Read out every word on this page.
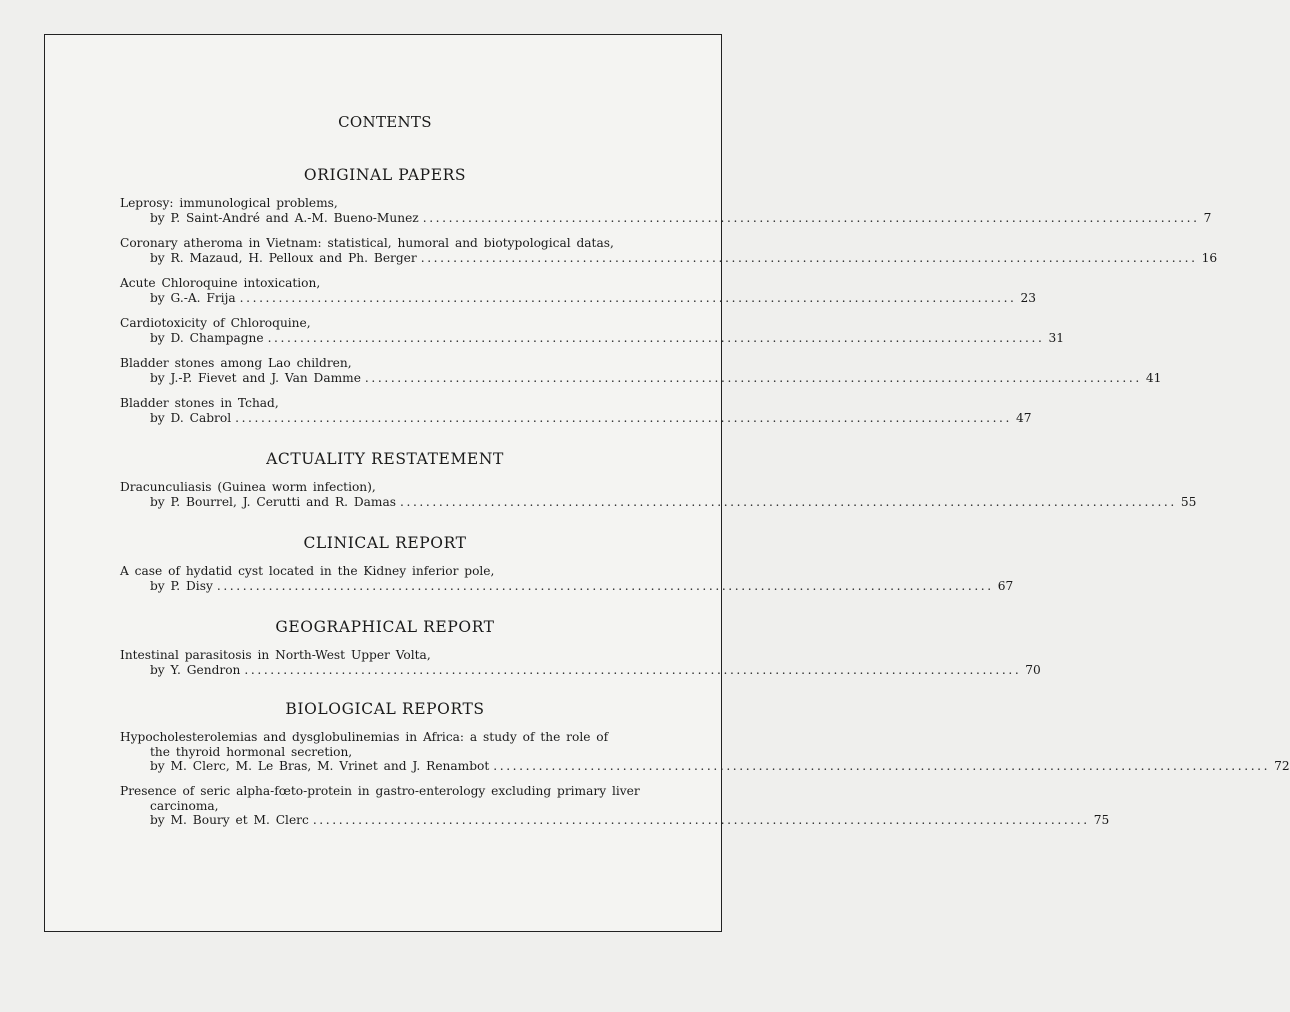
CONTENTS
ORIGINAL PAPERS
Leprosy: immunological problems,
by P. Saint-André and A.-M. Bueno-Munez ........................................................................................................................ 7
Coronary atheroma in Vietnam: statistical, humoral and biotypological datas,
by R. Mazaud, H. Pelloux and Ph. Berger ........................................................................................................................ 16
Acute Chloroquine intoxication,
by G.-A. Frija ........................................................................................................................ 23
Cardiotoxicity of Chloroquine,
by D. Champagne ........................................................................................................................ 31
Bladder stones among Lao children,
by J.-P. Fievet and J. Van Damme ........................................................................................................................ 41
Bladder stones in Tchad,
by D. Cabrol ........................................................................................................................ 47
ACTUALITY RESTATEMENT
Dracunculiasis (Guinea worm infection),
by P. Bourrel, J. Cerutti and R. Damas ........................................................................................................................ 55
CLINICAL REPORT
A case of hydatid cyst located in the Kidney inferior pole,
by P. Disy ........................................................................................................................ 67
GEOGRAPHICAL REPORT
Intestinal parasitosis in North-West Upper Volta,
by Y. Gendron ........................................................................................................................ 70
BIOLOGICAL REPORTS
Hypocholesterolemias and dysglobulinemias in Africa: a study of the role of
the thyroid hormonal secretion,
by M. Clerc, M. Le Bras, M. Vrinet and J. Renambot ........................................................................................................................ 72
Presence of seric alpha-fœto-protein in gastro-enterology excluding primary liver
carcinoma,
by M. Boury et M. Clerc ........................................................................................................................ 75
